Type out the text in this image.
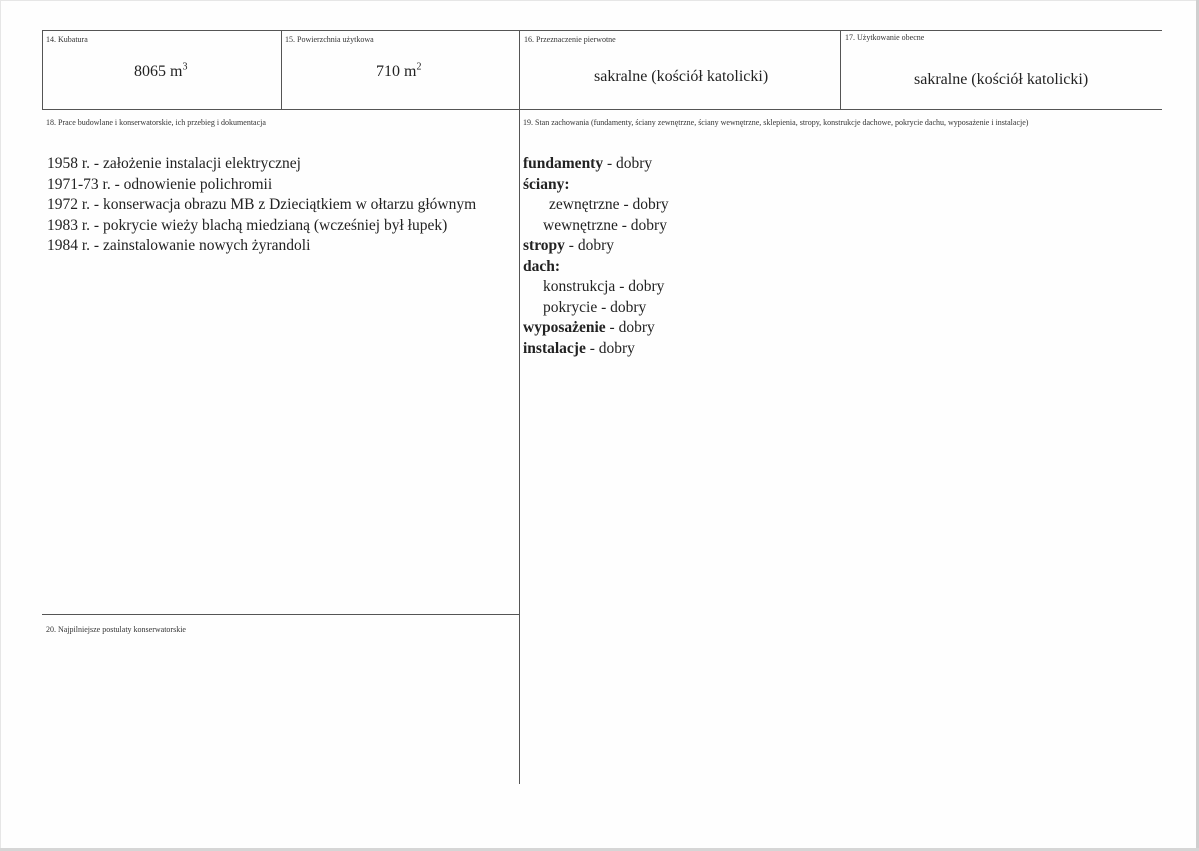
14. Kubatura
8065 $m^3$
15. Powierzchnia użytkowa
710 $m^2$
16. Przeznaczenie pierwotne
sakralne (kościół katolicki)
17. Użytkowanie obecne
sakralne (kościół katolicki)
18. Prace budowlane i konserwatorskie, ich przebieg i dokumentacja
1958 r. - założenie instalacji elektrycznej
1971-73 r. - odnowienie polichromii
1972 r. - konserwacja obrazu MB z Dzieciątkiem w ołtarzu głównym
1983 r. - pokrycie wieży blachą miedzianą (wcześniej był łupek)
1984 r. - zainstalowanie nowych żyrandoli
19. Stan zachowania (fundamenty, ściany zewnętrzne, ściany wewnętrzne, sklepienia, stropy, konstrukcje dachowe, pokrycie dachu, wyposażenie i instalacje)
fundamenty - dobry
ściany:
zewnętrzne - dobry
wewnętrzne - dobry
stropy - dobry
dach:
konstrukcja - dobry
pokrycie - dobry
wyposażenie - dobry
instalacje - dobry
20. Najpilniejsze postulaty konserwatorskie
